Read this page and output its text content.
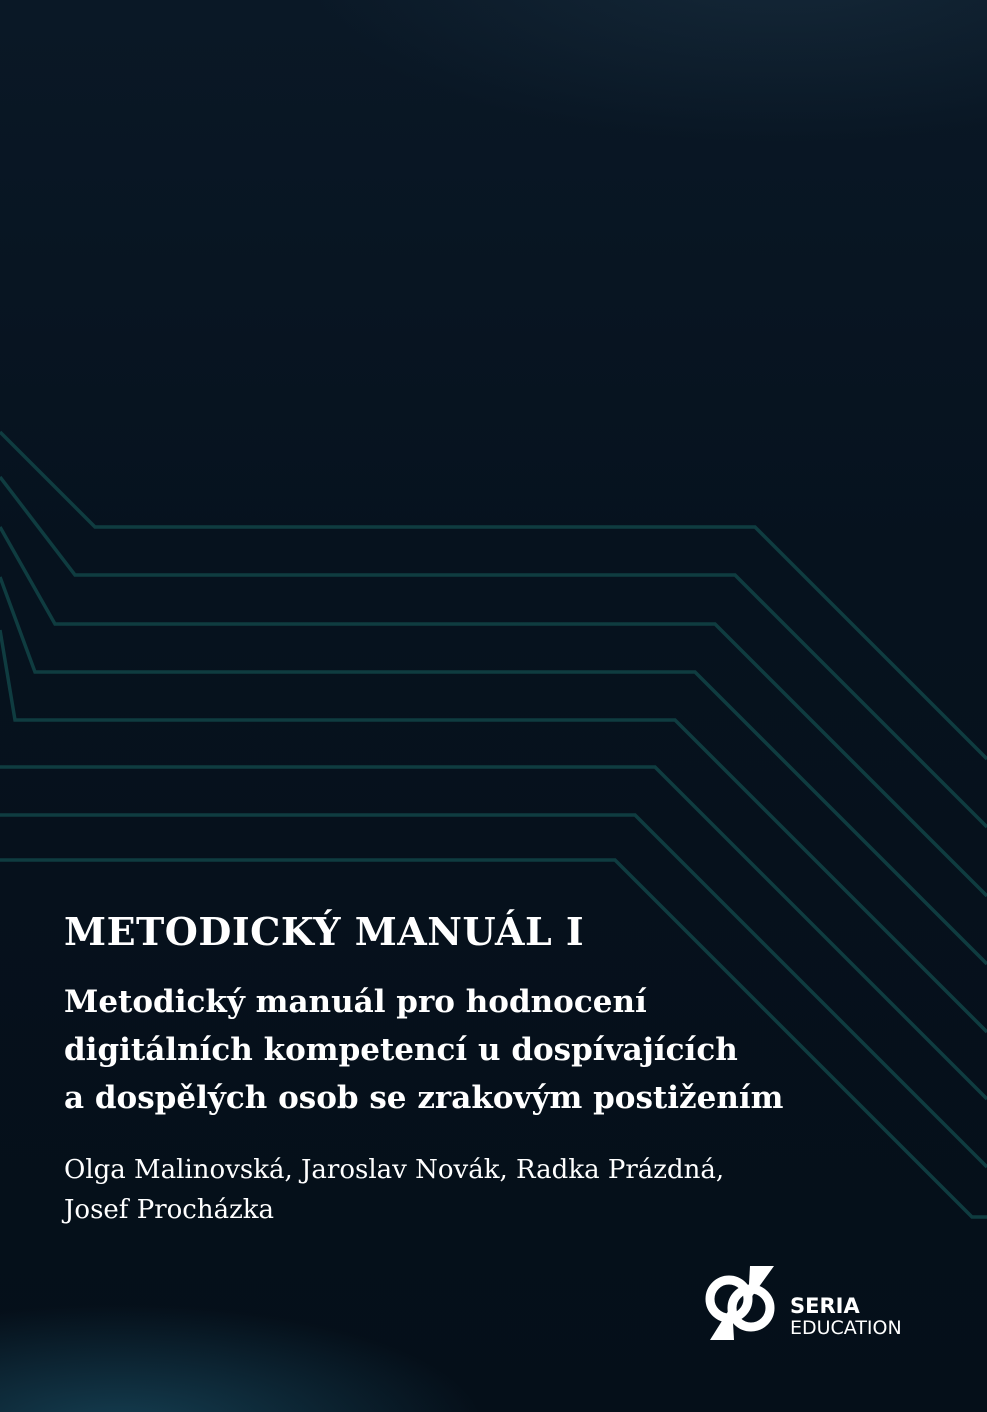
METODICKÝ MANUÁL I
Metodický manuál pro hodnocení
digitálních kompetencí u dospívajících
a dospělých osob se zrakovým postižením

Olga Malinovská, Jaroslav Novák, Radka Prázdná,
Josef Procházka

SERIA
EDUCATION
